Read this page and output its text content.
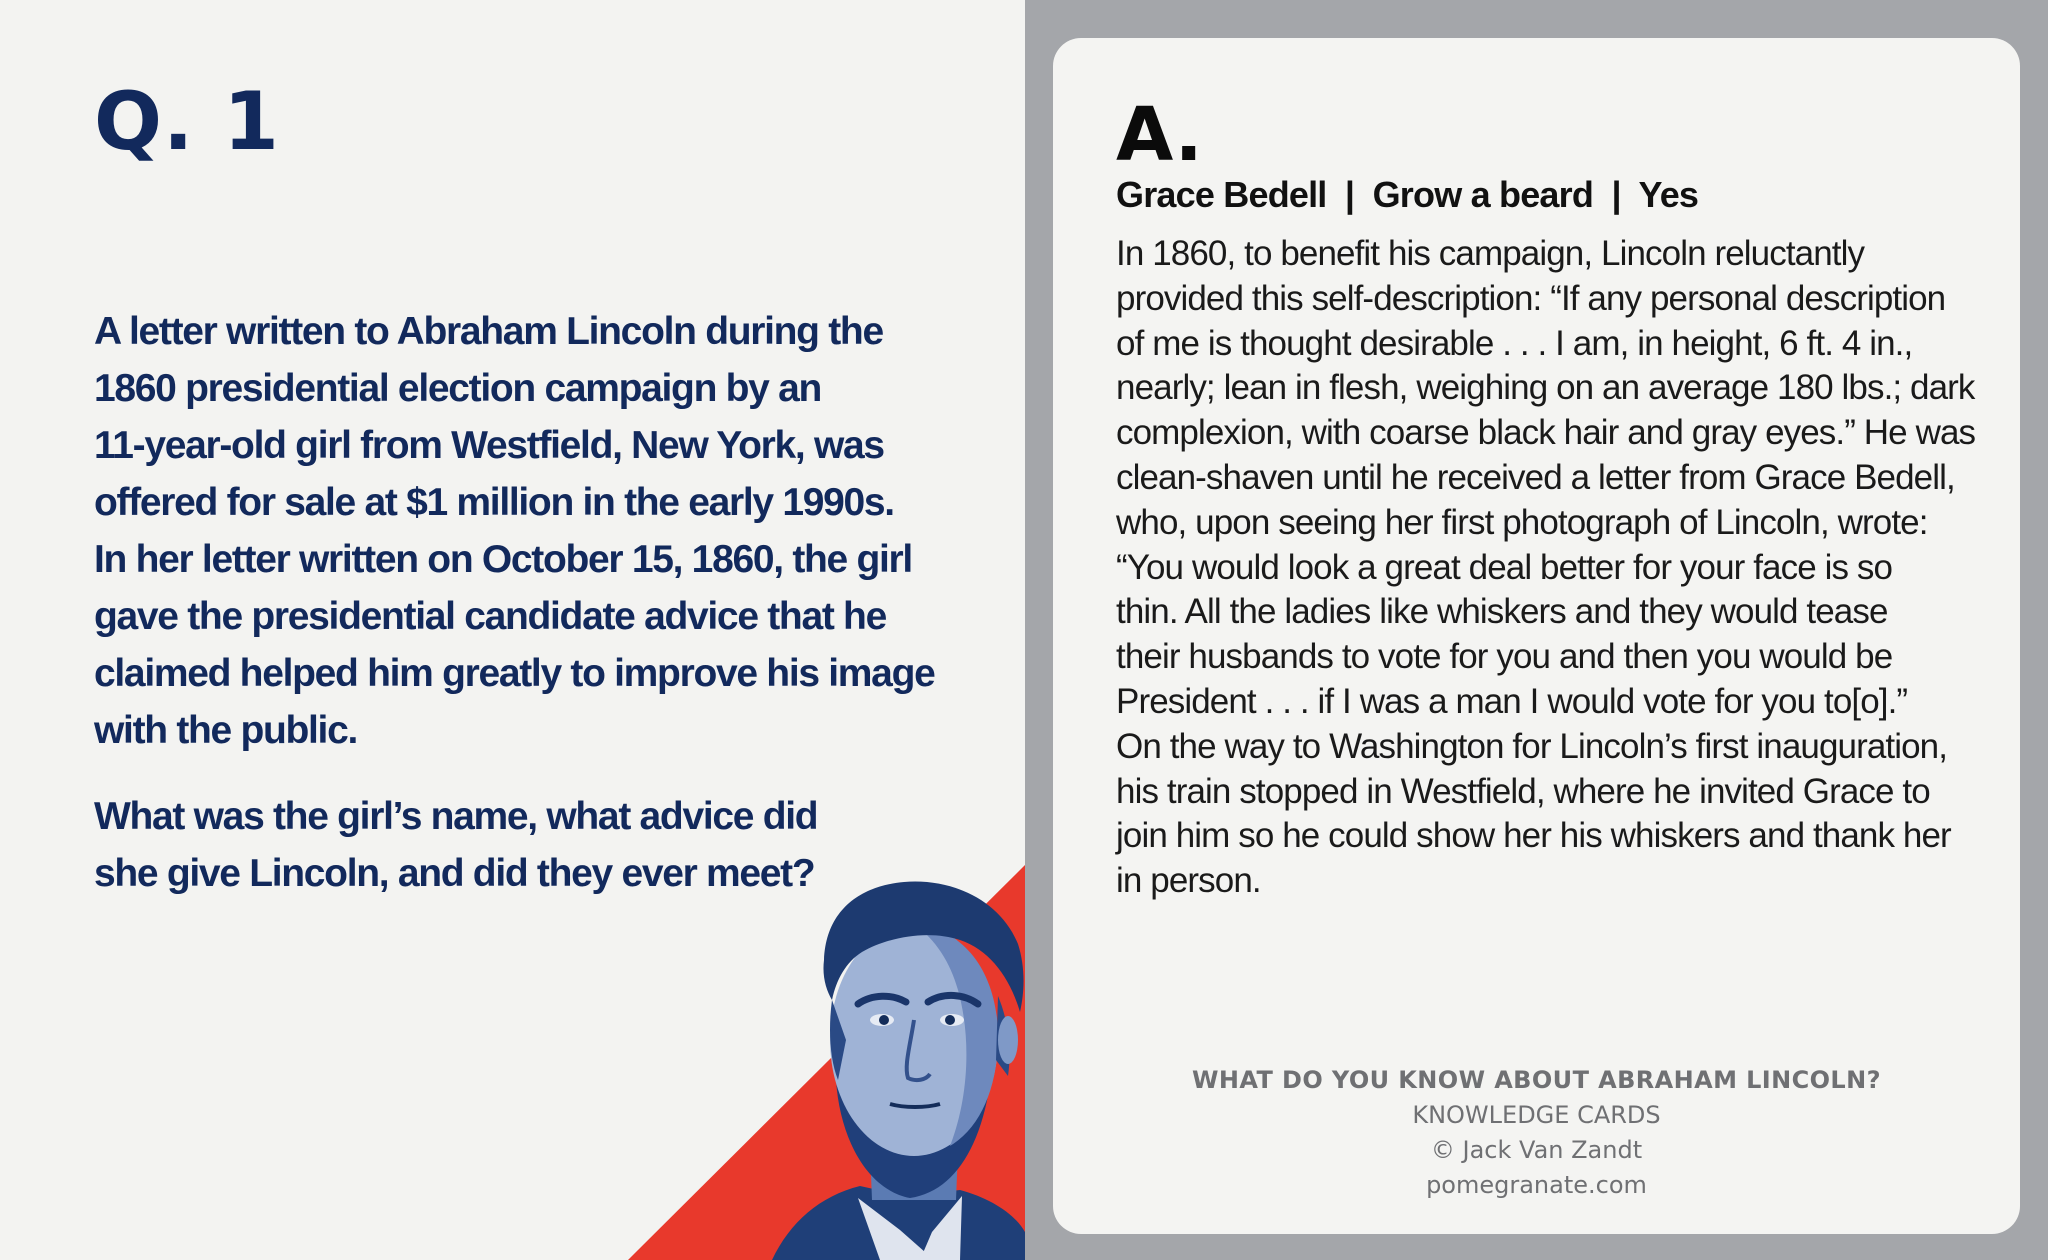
Q. 1

A letter written to Abraham Lincoln during the
1860 presidential election campaign by an
11-year-old girl from Westfield, New York, was
offered for sale at $1 million in the early 1990s.
In her letter written on October 15, 1860, the girl
gave the presidential candidate advice that he
claimed helped him greatly to improve his image
with the public.

What was the girl’s name, what advice did
she give Lincoln, and did they ever meet?

A.

Grace Bedell  |  Grow a beard  |  Yes

In 1860, to benefit his campaign, Lincoln reluctantly
provided this self-description: “If any personal description
of me is thought desirable . . . I am, in height, 6 ft. 4 in.,
nearly; lean in flesh, weighing on an average 180 lbs.; dark
complexion, with coarse black hair and gray eyes.” He was
clean-shaven until he received a letter from Grace Bedell,
who, upon seeing her first photograph of Lincoln, wrote:
“You would look a great deal better for your face is so
thin. All the ladies like whiskers and they would tease
their husbands to vote for you and then you would be
President . . . if I was a man I would vote for you to[o].”
On the way to Washington for Lincoln’s first inauguration,
his train stopped in Westfield, where he invited Grace to
join him so he could show her his whiskers and thank her
in person.

WHAT DO YOU KNOW ABOUT ABRAHAM LINCOLN?
KNOWLEDGE CARDS
© Jack Van Zandt
pomegranate.com
